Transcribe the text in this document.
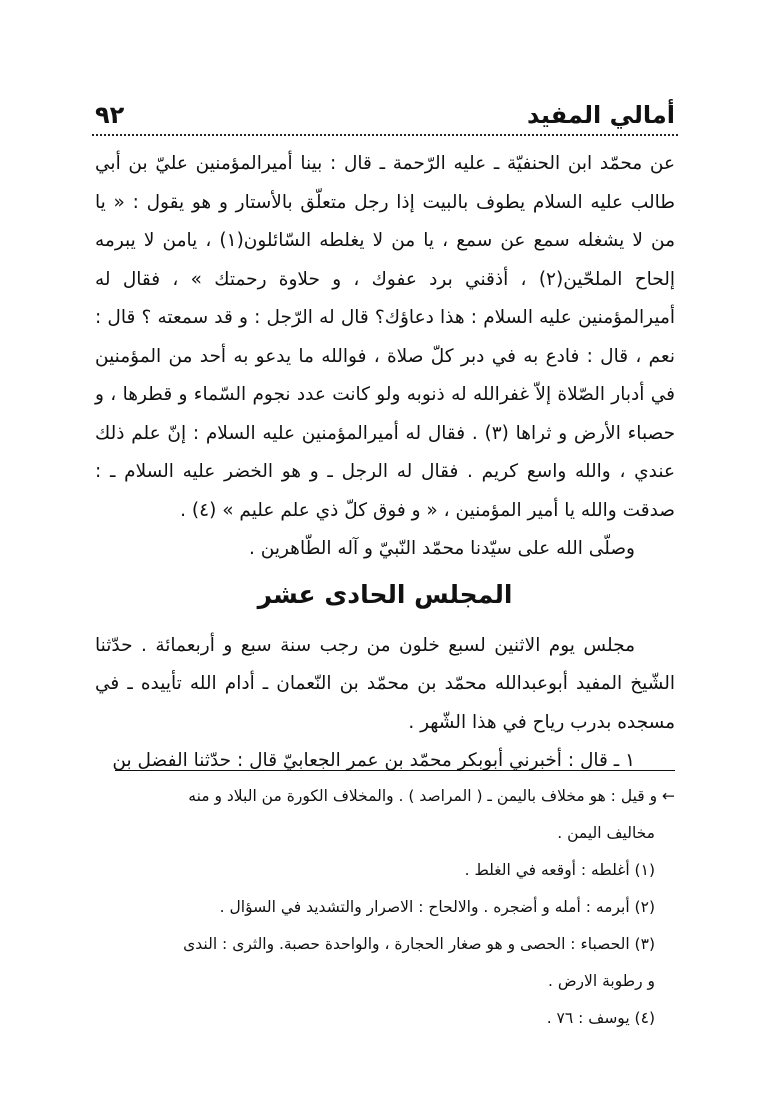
أمالي المفيد
٩٢

عن محمّد ابن الحنفيّة ـ عليه الرّحمة ـ قال : بينا أميرالمؤمنين عليّ بن أبي طالب عليه السلام يطوف بالبيت إذا رجل متعلّق بالأستار و هو يقول : « يا من لا يشغله سمع عن سمع ، يا من لا يغلطه السّائلون(١) ، يامن لا يبرمه إلحاح الملحّين(٢) ، أذقني برد عفوك ، و حلاوة رحمتك » ، فقال له أميرالمؤمنين عليه السلام : هذا دعاؤك؟ قال له الرّجل : و قد سمعته ؟ قال : نعم ، قال : فادع به في دبر كلّ صلاة ، فوالله ما يدعو به أحد من المؤمنين في أدبار الصّلاة إلاّ غفرالله له ذنوبه ولو كانت عدد نجوم السّماء و قطرها ، و حصباء الأرض و ثراها (٣) . فقال له أميرالمؤمنين عليه السلام : إنّ علم ذلك عندي ، والله واسع كريم . فقال له الرجل ـ و هو الخضر عليه السلام ـ : صدقت والله يا أمير المؤمنين ، « و فوق كلّ ذي علم عليم » (٤) .

وصلّى الله على سيّدنا محمّد النّبيّ و آله الطّاهرين .

المجلس الحادى عشر

مجلس يوم الاثنين لسبع خلون من رجب سنة سبع و أربعمائة . حدّثنا الشّيخ المفيد أبوعبدالله محمّد بن محمّد بن النّعمان ـ أدام الله تأييده ـ في مسجده بدرب رياح في هذا الشّهر .

١ ـ قال : أخبرني أبوبكر محمّد بن عمر الجعابيّ قال : حدّثنا الفضل بن

← و قيل : هو مخلاف باليمن ـ ( المراصد ) . والمخلاف الكورة من البلاد و منه
مخاليف اليمن .
(١) أغلطه : أوقعه في الغلط .
(٢) أبرمه : أمله و أضجره . والالحاح : الاصرار والتشديد في السؤال .
(٣) الحصباء : الحصى و هو صغار الحجارة ، والواحدة حصبة. والثرى : الندى
و رطوبة الارض .
(٤) يوسف : ٧٦ .
